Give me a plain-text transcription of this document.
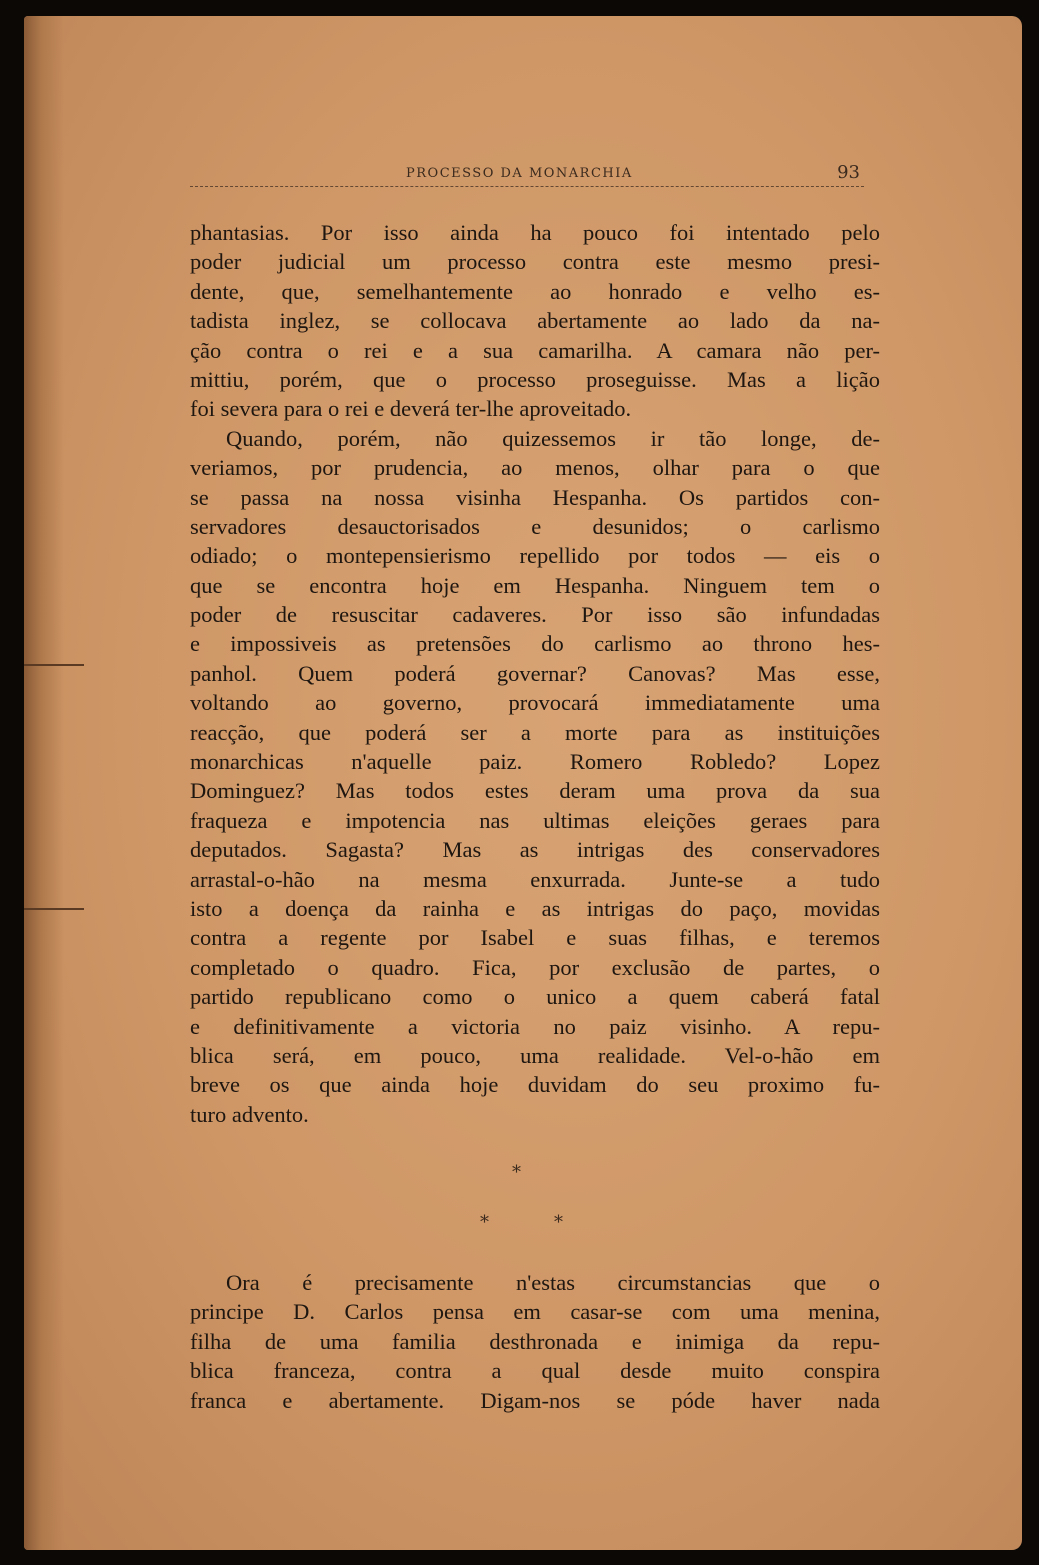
PROCESSO DA MONARCHIA	93
phantasias. Por isso ainda ha pouco foi intentado pelo
poder judicial um processo contra este mesmo presi-
dente, que, semelhantemente ao honrado e velho es-
tadista inglez, se collocava abertamente ao lado da na-
ção contra o rei e a sua camarilha. A camara não per-
mittiu, porém, que o processo proseguisse. Mas a lição
foi severa para o rei e deverá ter-lhe aproveitado.
Quando, porém, não quizessemos ir tão longe, de-
veriamos, por prudencia, ao menos, olhar para o que
se passa na nossa visinha Hespanha. Os partidos con-
servadores desauctorisados e desunidos; o carlismo
odiado; o montepensierismo repellido por todos — eis o
que se encontra hoje em Hespanha. Ninguem tem o
poder de resuscitar cadaveres. Por isso são infundadas
e impossiveis as pretensões do carlismo ao throno hes-
panhol. Quem poderá governar? Canovas? Mas esse,
voltando ao governo, provocará immediatamente uma
reacção, que poderá ser a morte para as instituições
monarchicas n'aquelle paiz. Romero Robledo? Lopez
Dominguez? Mas todos estes deram uma prova da sua
fraqueza e impotencia nas ultimas eleições geraes para
deputados. Sagasta? Mas as intrigas des conservadores
arrastal-o-hão na mesma enxurrada. Junte-se a tudo
isto a doença da rainha e as intrigas do paço, movidas
contra a regente por Isabel e suas filhas, e teremos
completado o quadro. Fica, por exclusão de partes, o
partido republicano como o unico a quem caberá fatal
e definitivamente a victoria no paiz visinho. A repu-
blica será, em pouco, uma realidade. Vel-o-hão em
breve os que ainda hoje duvidam do seu proximo fu-
turo advento.
*
*	*
Ora é precisamente n'estas circumstancias que o
principe D. Carlos pensa em casar-se com uma menina,
filha de uma familia desthronada e inimiga da repu-
blica franceza, contra a qual desde muito conspira
franca e abertamente. Digam-nos se póde haver nada
